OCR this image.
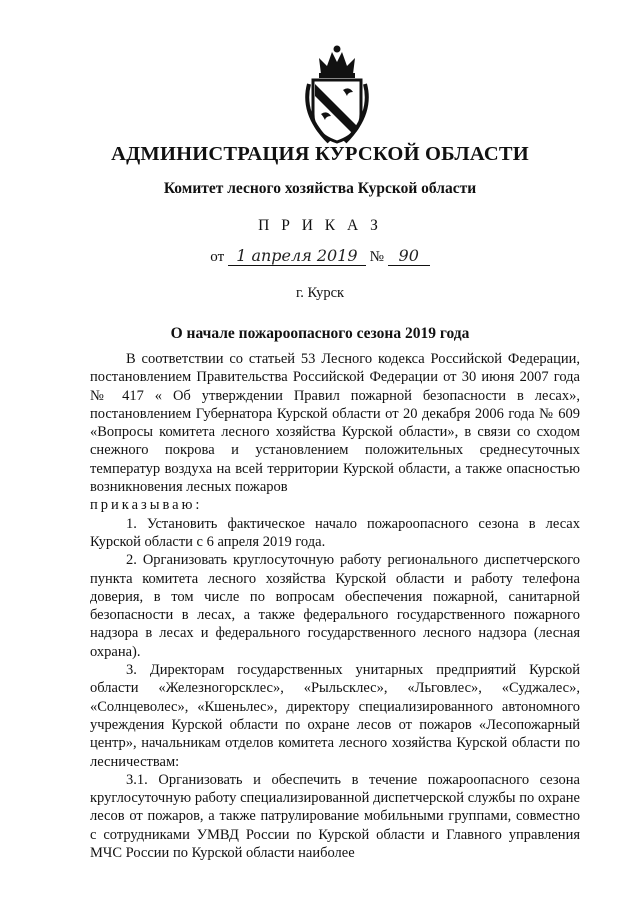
АДМИНИСТРАЦИЯ КУРСКОЙ ОБЛАСТИ
Комитет лесного хозяйства Курской области
П Р И К А З
от 1 апреля 2019 № 90
г. Курск
О начале пожароопасного сезона 2019 года

В соответствии со статьей 53 Лесного кодекса Российской Федерации, постановлением Правительства Российской Федерации от 30 июня 2007 года № 417 « Об утверждении Правил пожарной безопасности в лесах», постановлением Губернатора Курской области от 20 декабря 2006 года № 609 «Вопросы комитета лесного хозяйства Курской области», в связи со сходом снежного покрова и установлением положительных среднесуточных температур воздуха на всей территории Курской области, а также опасностью возникновения лесных пожаров

приказываю:

1. Установить фактическое начало пожароопасного сезона в лесах Курской области с 6 апреля 2019 года.

2. Организовать круглосуточную работу регионального диспетчерского пункта комитета лесного хозяйства Курской области и работу телефона доверия, в том числе по вопросам обеспечения пожарной, санитарной безопасности в лесах, а также федерального государственного пожарного надзора в лесах и федерального государственного лесного надзора (лесная охрана).

3. Директорам государственных унитарных предприятий Курской области «Железногорсклес», «Рыльсклес», «Льговлес», «Суджалес», «Солнцеволес», «Кшеньлес», директору специализированного автономного учреждения Курской области по охране лесов от пожаров «Лесопожарный центр», начальникам отделов комитета лесного хозяйства Курской области по лесничествам:

3.1. Организовать и обеспечить в течение пожароопасного сезона круглосуточную работу специализированной диспетчерской службы по охране лесов от пожаров, а также патрулирование мобильными группами, совместно с сотрудниками УМВД России по Курской области и Главного управления МЧС России по Курской области наиболее
